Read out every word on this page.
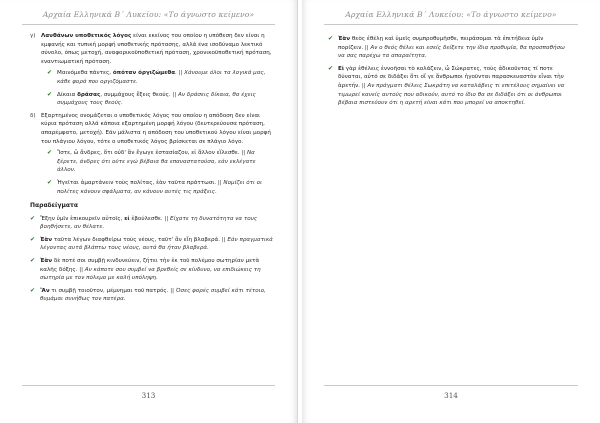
Αρχαία Ελληνικά Β΄ Λυκείου: «Το άγνωστο κείμενο»
γ) Λανθάνων υποθετικός λόγος είναι εκείνος του οποίου η υπόθεση δεν είναι η εμφανής και τυπική μορφή υποθετικής πρότασης, αλλά ένα ισοδύναμο λεκτικό σύνολο, όπως μετοχή, αναφορικοϋποθετική πρόταση, χρονικοϋποθετική πρόταση, εναντιωματική πρόταση.
✔ Μαινόμεθα πάντες, όπόταν όργιζώμεθα. || Χάνουμε όλοι τα λογικά μας, κάθε φορά που οργιζόμαστε.
✔ Δίκαια δράσας, συμμάχους ἕξεις θεούς. || Αν δράσεις δίκαια, θα έχεις συμμάχους τους θεούς.
δ) Εξαρτημένος ονομάζεται ο υποθετικός λόγος του οποίου η απόδοση δεν είναι κύρια πρόταση αλλά κάποια εξαρτημένη μορφή λόγου (δευτερεύουσα πρόταση, απαρέμφατο, μετοχή). Εάν μάλιστα η απόδοση του υποθετικού λόγου είναι μορφή του πλάγιου λόγου, τότε ο υποθετικός λόγος βρίσκεται σε πλάγιο λόγο.
✔ Ἴστε, ὦ ἄνδρες, ὅτι οὐδ' ἂν ἔγωγε ἐστασίαζον, εἰ ἄλλον εἵλεσθε. || Να ξέρετε, άνδρες ότι ούτε εγώ βέβαια θα επαναστατούσα, εάν εκλέγατε άλλον.
✔ Ἡγεῖται ἁμαρτάνειν τοὺς πολίτας, ἐὰν ταῦτα πράττωσι. || Νομίζει ότι οι πολίτες κάνουν σφάλματα, αν κάνουν αυτές τις πράξεις.
Παραδείγματα
✔ Ἔξην ὑμῖν ἐπικουρεῖν αὐτοῖς, εἰ ἐβούλεσθε. || Είχατε τη δυνατότητα να τους βοηθήσετε, αν θέλατε.
✔ Ἐὰν ταῦτα λέγων διαφθείρω τοὺς νέους, ταῦτ' ἂν εἴη βλαβερά. || Εάν πραγματικά λέγοντας αυτά βλάπτω τους νέους, αυτά θα ήταν βλαβερά.
✔ Ἐὰν δὲ ποτέ σοι συμβῇ κινδυνεύειν, ζήτει τὴν ἐκ τοῦ πολέμου σωτηρίαν μετὰ καλῆς δόξης. || Αν κάποτε σου συμβεί να βρεθείς σε κίνδυνο, να επιδιώκεις τη σωτηρία με τον πόλεμο με καλή υπόληψη.
✔ Ἂν τι συμβῇ τοιοῦτον, μέμνημαι τοῦ πατρός. || Όσες φορές συμβεί κάτι τέτοιο, θυμάμαι συνήθως τον πατέρα.
313
Αρχαία Ελληνικά Β΄ Λυκείου: «Το άγνωστο κείμενο»
✔ Ἐὰν θεὸς ἐθέλῃ καὶ ὑμεῖς συμπροθυμῆσθε, πειράσομαι τὰ ἐπιτήδεια ὑμῖν πορίζειν. || Αν ο θεός θέλει και εσείς δείξετε την ίδια προθυμία, θα προσπαθήσω να σας παρέχω τα απαραίτητα.
✔ Εἰ γὰρ ἐθέλεις ἐννοῆσαι τὸ κολάζειν, ὦ Σώκρατες, τοὺς ἀδικοῦντας τί ποτε δύναται, αὐτό σε διδάξει ὅτι οἵ γε ἄνθρωποι ἡγοῦνται παρασκευαστὸν εἶναι τὴν ἀρετήν. || Αν πράγματι θέλεις Σωκράτη να καταλάβεις τι επιτέλους σημαίνει να τιμωρεί κανείς αυτούς που αδικούν, αυτό το ίδιο θα σε διδάξει ότι οι άνθρωποι βέβαια πιστεύουν ότι η αρετή είναι κάτι που μπορεί να αποκτηθεί.
314
